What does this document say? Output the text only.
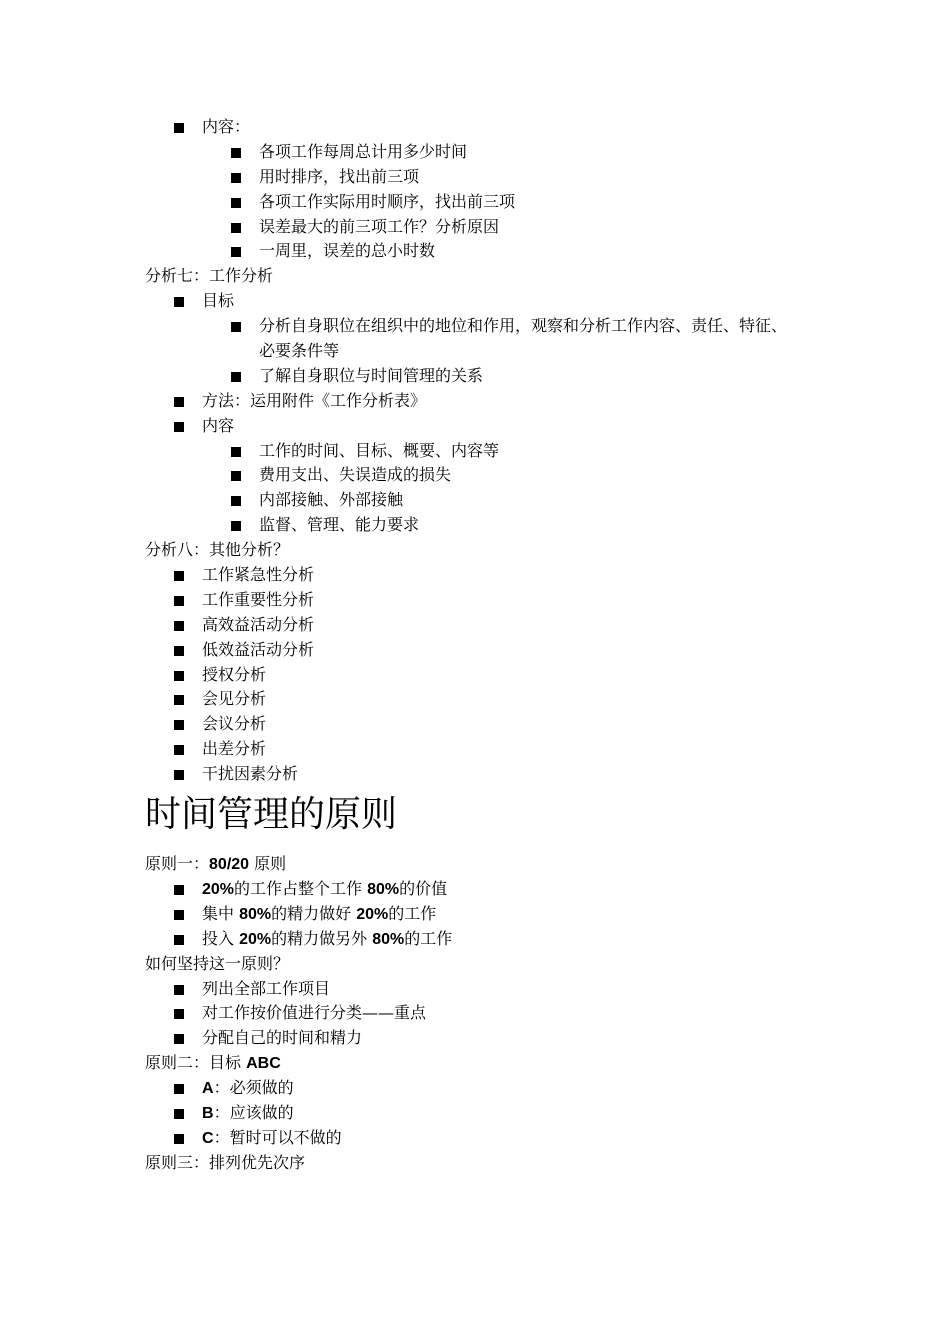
内容：
各项工作每周总计用多少时间
用时排序，找出前三项
各项工作实际用时顺序，找出前三项
误差最大的前三项工作？分析原因
一周里，误差的总小时数
分析七：工作分析
目标
分析自身职位在组织中的地位和作用，观察和分析工作内容、责任、特征、
必要条件等
了解自身职位与时间管理的关系
方法：运用附件《工作分析表》
内容
工作的时间、目标、概要、内容等
费用支出、失误造成的损失
内部接触、外部接触
监督、管理、能力要求
分析八：其他分析？
工作紧急性分析
工作重要性分析
高效益活动分析
低效益活动分析
授权分析
会见分析
会议分析
出差分析
干扰因素分析
时间管理的原则
原则一：80/20 原则
20%的工作占整个工作 80%的价值
集中 80%的精力做好 20%的工作
投入 20%的精力做另外 80%的工作
如何坚持这一原则？
列出全部工作项目
对工作按价值进行分类——重点
分配自己的时间和精力
原则二：目标 ABC
A：必须做的
B：应该做的
C：暂时可以不做的
原则三：排列优先次序
